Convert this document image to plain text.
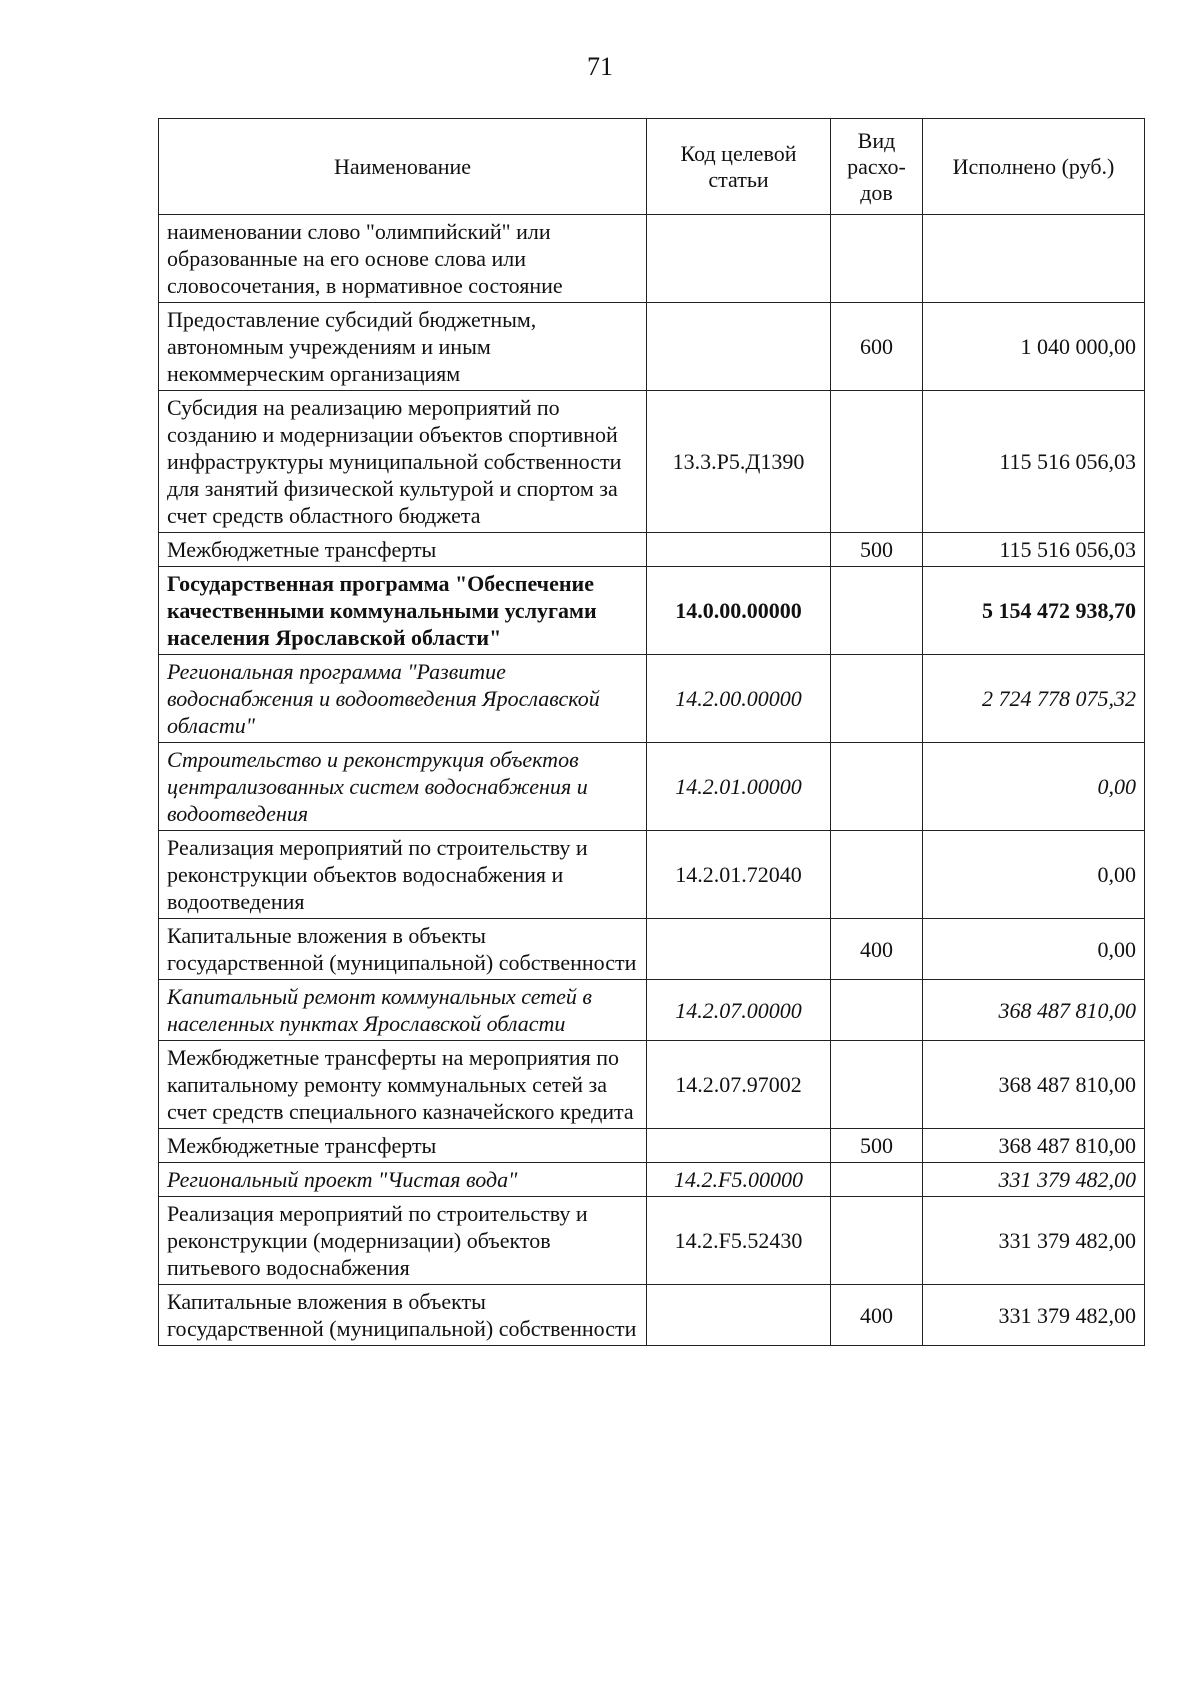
71
Наименование	Код целевой статьи	Вид расхо-дов	Исполнено (руб.)
наименовании слово "олимпийский" или образованные на его основе слова или словосочетания, в нормативное состояние			
Предоставление субсидий бюджетным, автономным учреждениям и иным некоммерческим организациям		600	1 040 000,00
Субсидия на реализацию мероприятий по созданию и модернизации объектов спортивной инфраструктуры муниципальной собственности для занятий физической культурой и спортом за счет средств областного бюджета	13.3.Р5.Д1390		115 516 056,03
Межбюджетные трансферты		500	115 516 056,03
Государственная программа "Обеспечение качественными коммунальными услугами населения Ярославской области"	14.0.00.00000		5 154 472 938,70
Региональная программа "Развитие водоснабжения и водоотведения Ярославской области"	14.2.00.00000		2 724 778 075,32
Строительство и реконструкция объектов централизованных систем водоснабжения и водоотведения	14.2.01.00000		0,00
Реализация мероприятий по строительству и реконструкции объектов водоснабжения и водоотведения	14.2.01.72040		0,00
Капитальные вложения в объекты государственной (муниципальной) собственности		400	0,00
Капитальный ремонт коммунальных сетей в населенных пунктах Ярославской области	14.2.07.00000		368 487 810,00
Межбюджетные трансферты на мероприятия по капитальному ремонту коммунальных сетей за счет средств специального казначейского кредита	14.2.07.97002		368 487 810,00
Межбюджетные трансферты		500	368 487 810,00
Региональный проект "Чистая вода"	14.2.F5.00000		331 379 482,00
Реализация мероприятий по строительству и реконструкции (модернизации) объектов питьевого водоснабжения	14.2.F5.52430		331 379 482,00
Капитальные вложения в объекты государственной (муниципальной) собственности		400	331 379 482,00
